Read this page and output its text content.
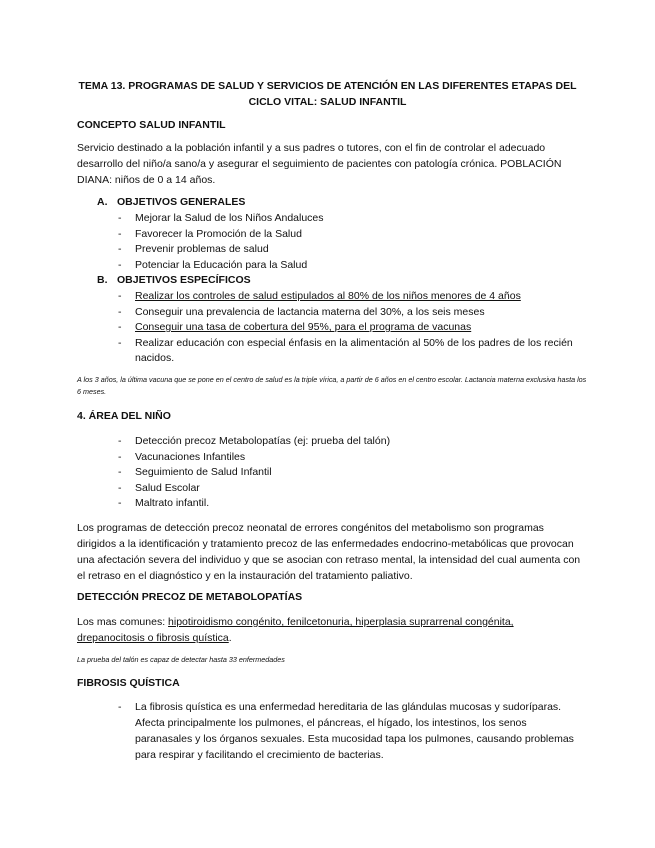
TEMA 13. PROGRAMAS DE SALUD Y SERVICIOS DE ATENCIÓN EN LAS DIFERENTES ETAPAS DEL CICLO VITAL: SALUD INFANTIL
CONCEPTO SALUD INFANTIL
Servicio destinado a la población infantil y a sus padres o tutores, con el fin de controlar el adecuado desarrollo del niño/a sano/a y asegurar el seguimiento de pacientes con patología crónica. POBLACIÓN DIANA: niños de 0 a 14 años.
A. OBJETIVOS GENERALES
- Mejorar la Salud de los Niños Andaluces
- Favorecer la Promoción de la Salud
- Prevenir problemas de salud
- Potenciar la Educación para la Salud
B. OBJETIVOS ESPECÍFICOS
- Realizar los controles de salud estipulados al 80% de los niños menores de 4 años
- Conseguir una prevalencia de lactancia materna del 30%, a los seis meses
- Conseguir una tasa de cobertura del 95%, para el programa de vacunas
- Realizar educación con especial énfasis en la alimentación al 50% de los padres de los recién nacidos.
A los 3 años, la última vacuna que se pone en el centro de salud es la triple vírica, a partir de 6 años en el centro escolar. Lactancia materna exclusiva hasta los 6 meses.
4. ÁREA DEL NIÑO
- Detección precoz Metabolopatías (ej: prueba del talón)
- Vacunaciones Infantiles
- Seguimiento de Salud Infantil
- Salud Escolar
- Maltrato infantil.
Los programas de detección precoz neonatal de errores congénitos del metabolismo son programas dirigidos a la identificación y tratamiento precoz de las enfermedades endocrino-metabólicas que provocan una afectación severa del individuo y que se asocian con retraso mental, la intensidad del cual aumenta con el retraso en el diagnóstico y en la instauración del tratamiento paliativo.
DETECCIÓN PRECOZ DE METABOLOPATÍAS
Los mas comunes: hipotiroidismo congénito, fenilcetonuria, hiperplasia suprarrenal congénita, drepanocitosis o fibrosis quística.
La prueba del talón es capaz de detectar hasta 33 enfermedades
FIBROSIS QUÍSTICA
- La fibrosis quística es una enfermedad hereditaria de las glándulas mucosas y sudoríparas. Afecta principalmente los pulmones, el páncreas, el hígado, los intestinos, los senos paranasales y los órganos sexuales. Esta mucosidad tapa los pulmones, causando problemas para respirar y facilitando el crecimiento de bacterias.
